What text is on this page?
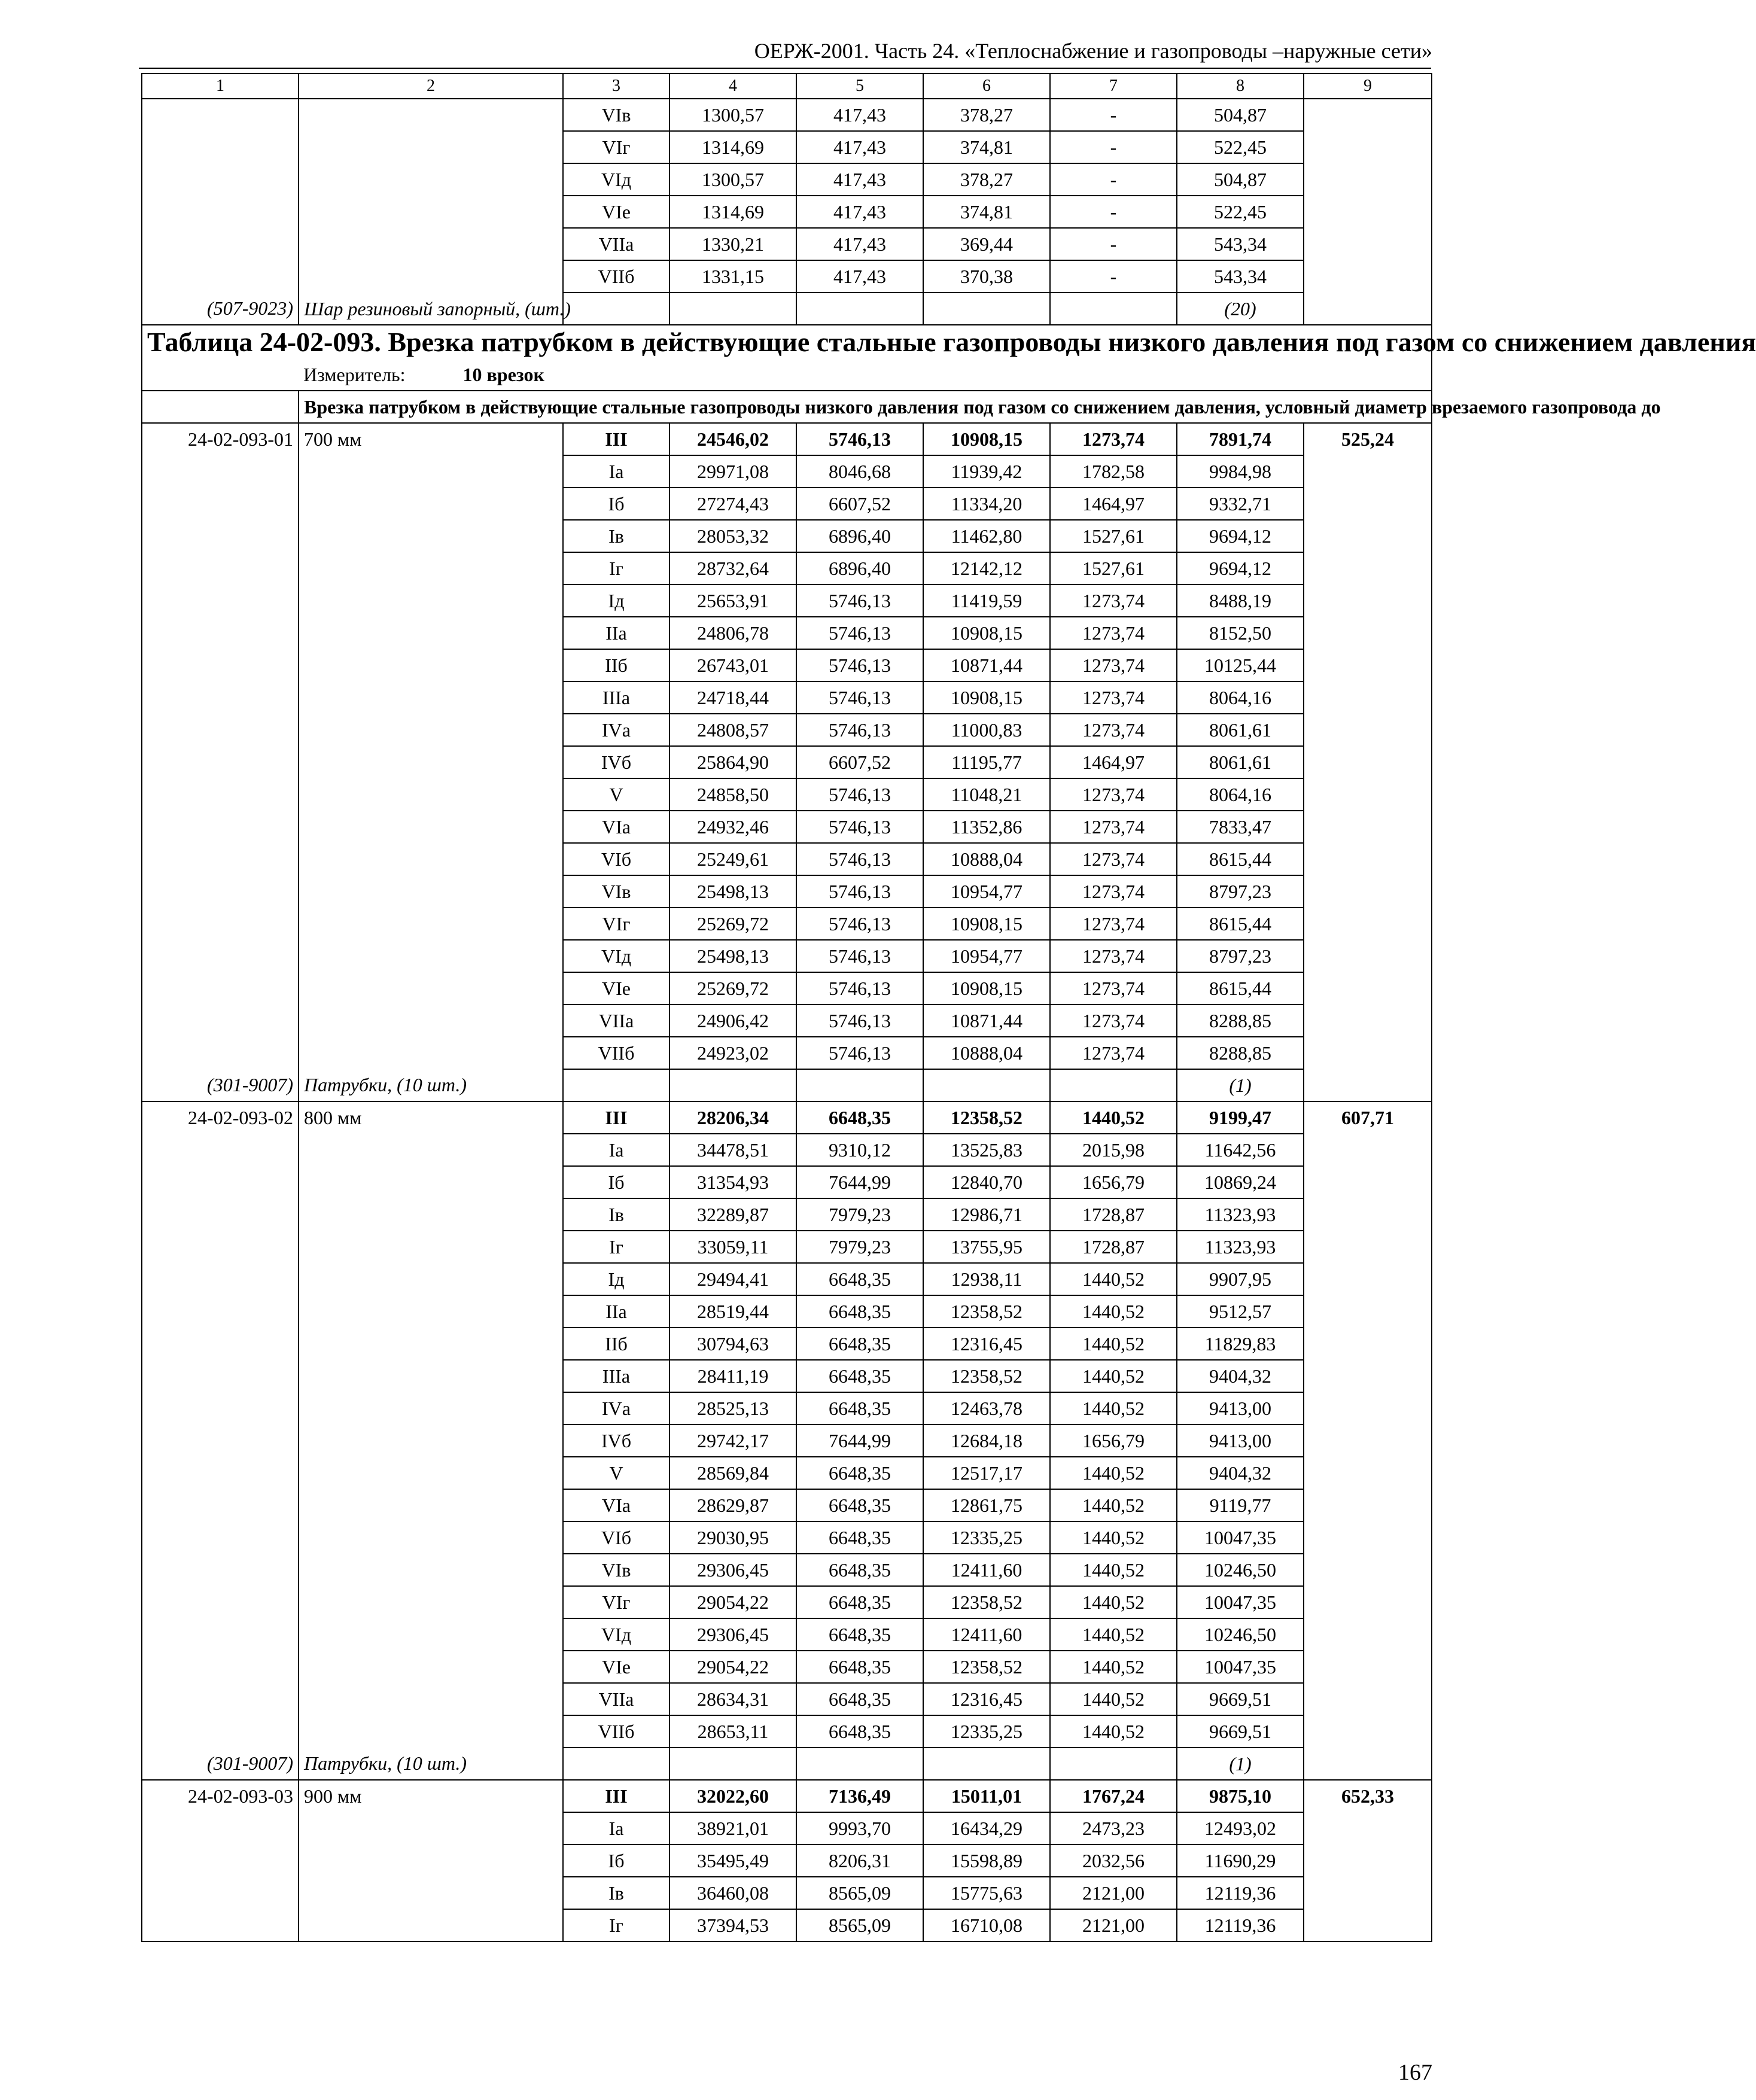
ОЕРЖ-2001. Часть 24. «Теплоснабжение и газопроводы –наружные сети»
1	2	3	4	5	6	7	8	9
		VIв	1300,57	417,43	378,27	-	504,87	
		VIг	1314,69	417,43	374,81	-	522,45	
		VIд	1300,57	417,43	378,27	-	504,87	
		VIе	1314,69	417,43	374,81	-	522,45	
		VIIа	1330,21	417,43	369,44	-	543,34	
		VIIб	1331,15	417,43	370,38	-	543,34	
(507-9023)	Шар резиновый запорный, (шт.)						(20)	
Таблица 24-02-093. Врезка патрубком в действующие стальные газопроводы низкого давления под газом со снижением давления								
	Измеритель: 10 врезок							
	Врезка патрубком в действующие стальные газопроводы низкого давления под газом со снижением давления, условный диаметр врезаемого газопровода до							
24-02-093-01	700 мм	III	24546,02	5746,13	10908,15	1273,74	7891,74	525,24
		Iа	29971,08	8046,68	11939,42	1782,58	9984,98	
		Iб	27274,43	6607,52	11334,20	1464,97	9332,71	
		Iв	28053,32	6896,40	11462,80	1527,61	9694,12	
		Iг	28732,64	6896,40	12142,12	1527,61	9694,12	
		Iд	25653,91	5746,13	11419,59	1273,74	8488,19	
		IIа	24806,78	5746,13	10908,15	1273,74	8152,50	
		IIб	26743,01	5746,13	10871,44	1273,74	10125,44	
		IIIа	24718,44	5746,13	10908,15	1273,74	8064,16	
		IVа	24808,57	5746,13	11000,83	1273,74	8061,61	
		IVб	25864,90	6607,52	11195,77	1464,97	8061,61	
		V	24858,50	5746,13	11048,21	1273,74	8064,16	
		VIа	24932,46	5746,13	11352,86	1273,74	7833,47	
		VIб	25249,61	5746,13	10888,04	1273,74	8615,44	
		VIв	25498,13	5746,13	10954,77	1273,74	8797,23	
		VIг	25269,72	5746,13	10908,15	1273,74	8615,44	
		VIд	25498,13	5746,13	10954,77	1273,74	8797,23	
		VIе	25269,72	5746,13	10908,15	1273,74	8615,44	
		VIIа	24906,42	5746,13	10871,44	1273,74	8288,85	
		VIIб	24923,02	5746,13	10888,04	1273,74	8288,85	
(301-9007)	Патрубки, (10 шт.)						(1)	
24-02-093-02	800 мм	III	28206,34	6648,35	12358,52	1440,52	9199,47	607,71
		Iа	34478,51	9310,12	13525,83	2015,98	11642,56	
		Iб	31354,93	7644,99	12840,70	1656,79	10869,24	
		Iв	32289,87	7979,23	12986,71	1728,87	11323,93	
		Iг	33059,11	7979,23	13755,95	1728,87	11323,93	
		Iд	29494,41	6648,35	12938,11	1440,52	9907,95	
		IIа	28519,44	6648,35	12358,52	1440,52	9512,57	
		IIб	30794,63	6648,35	12316,45	1440,52	11829,83	
		IIIа	28411,19	6648,35	12358,52	1440,52	9404,32	
		IVа	28525,13	6648,35	12463,78	1440,52	9413,00	
		IVб	29742,17	7644,99	12684,18	1656,79	9413,00	
		V	28569,84	6648,35	12517,17	1440,52	9404,32	
		VIа	28629,87	6648,35	12861,75	1440,52	9119,77	
		VIб	29030,95	6648,35	12335,25	1440,52	10047,35	
		VIв	29306,45	6648,35	12411,60	1440,52	10246,50	
		VIг	29054,22	6648,35	12358,52	1440,52	10047,35	
		VIд	29306,45	6648,35	12411,60	1440,52	10246,50	
		VIе	29054,22	6648,35	12358,52	1440,52	10047,35	
		VIIа	28634,31	6648,35	12316,45	1440,52	9669,51	
		VIIб	28653,11	6648,35	12335,25	1440,52	9669,51	
(301-9007)	Патрубки, (10 шт.)						(1)	
24-02-093-03	900 мм	III	32022,60	7136,49	15011,01	1767,24	9875,10	652,33
		Iа	38921,01	9993,70	16434,29	2473,23	12493,02	
		Iб	35495,49	8206,31	15598,89	2032,56	11690,29	
		Iв	36460,08	8565,09	15775,63	2121,00	12119,36	
		Iг	37394,53	8565,09	16710,08	2121,00	12119,36	
167
